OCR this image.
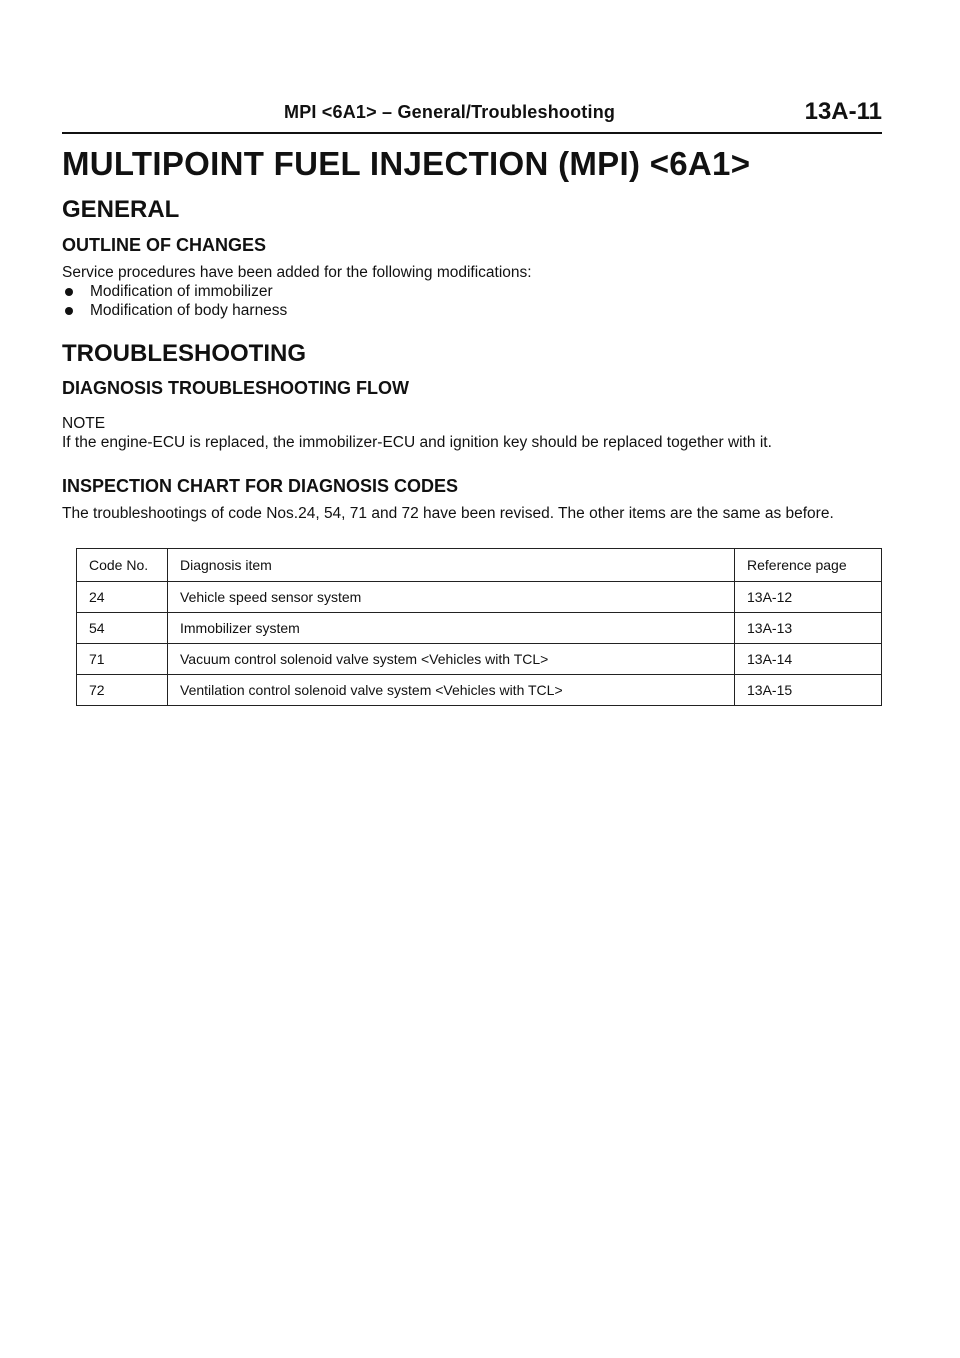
MPI <6A1> – General/Troubleshooting	13A-11
MULTIPOINT FUEL INJECTION (MPI) <6A1>
GENERAL
OUTLINE OF CHANGES
Service procedures have been added for the following modifications:
Modification of immobilizer
Modification of body harness
TROUBLESHOOTING
DIAGNOSIS TROUBLESHOOTING FLOW
NOTE
If the engine-ECU is replaced, the immobilizer-ECU and ignition key should be replaced together with it.
INSPECTION CHART FOR DIAGNOSIS CODES
The troubleshootings of code Nos.24, 54, 71 and 72 have been revised. The other items are the same as before.
Code No.	Diagnosis item	Reference page
24	Vehicle speed sensor system	13A-12
54	Immobilizer system	13A-13
71	Vacuum control solenoid valve system <Vehicles with TCL>	13A-14
72	Ventilation control solenoid valve system <Vehicles with TCL>	13A-15
